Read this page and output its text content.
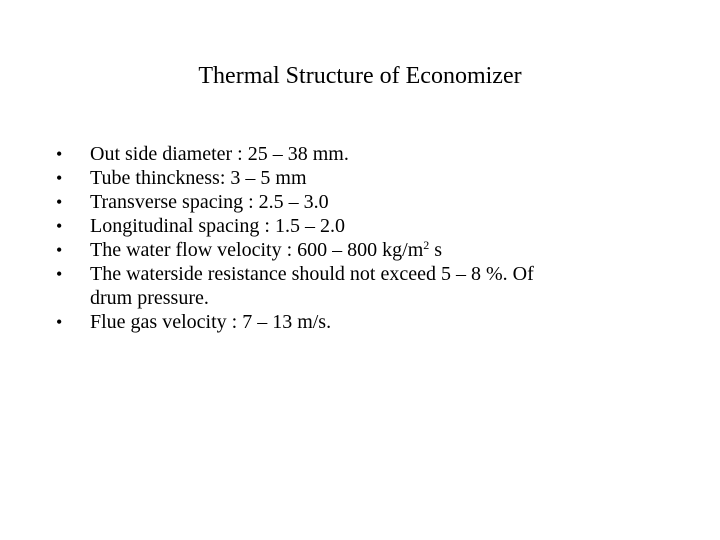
Thermal Structure of Economizer
•	Out side diameter : 25 – 38 mm.
•	Tube thinckness: 3 – 5 mm
•	Transverse spacing : 2.5 – 3.0
•	Longitudinal spacing : 1.5 – 2.0
•	The water flow velocity : 600 – 800 $kg/m^2$ s
•	The waterside resistance should not exceed 5 – 8 %. Of
drum pressure.
•	Flue gas velocity : 7 – 13 m/s.
